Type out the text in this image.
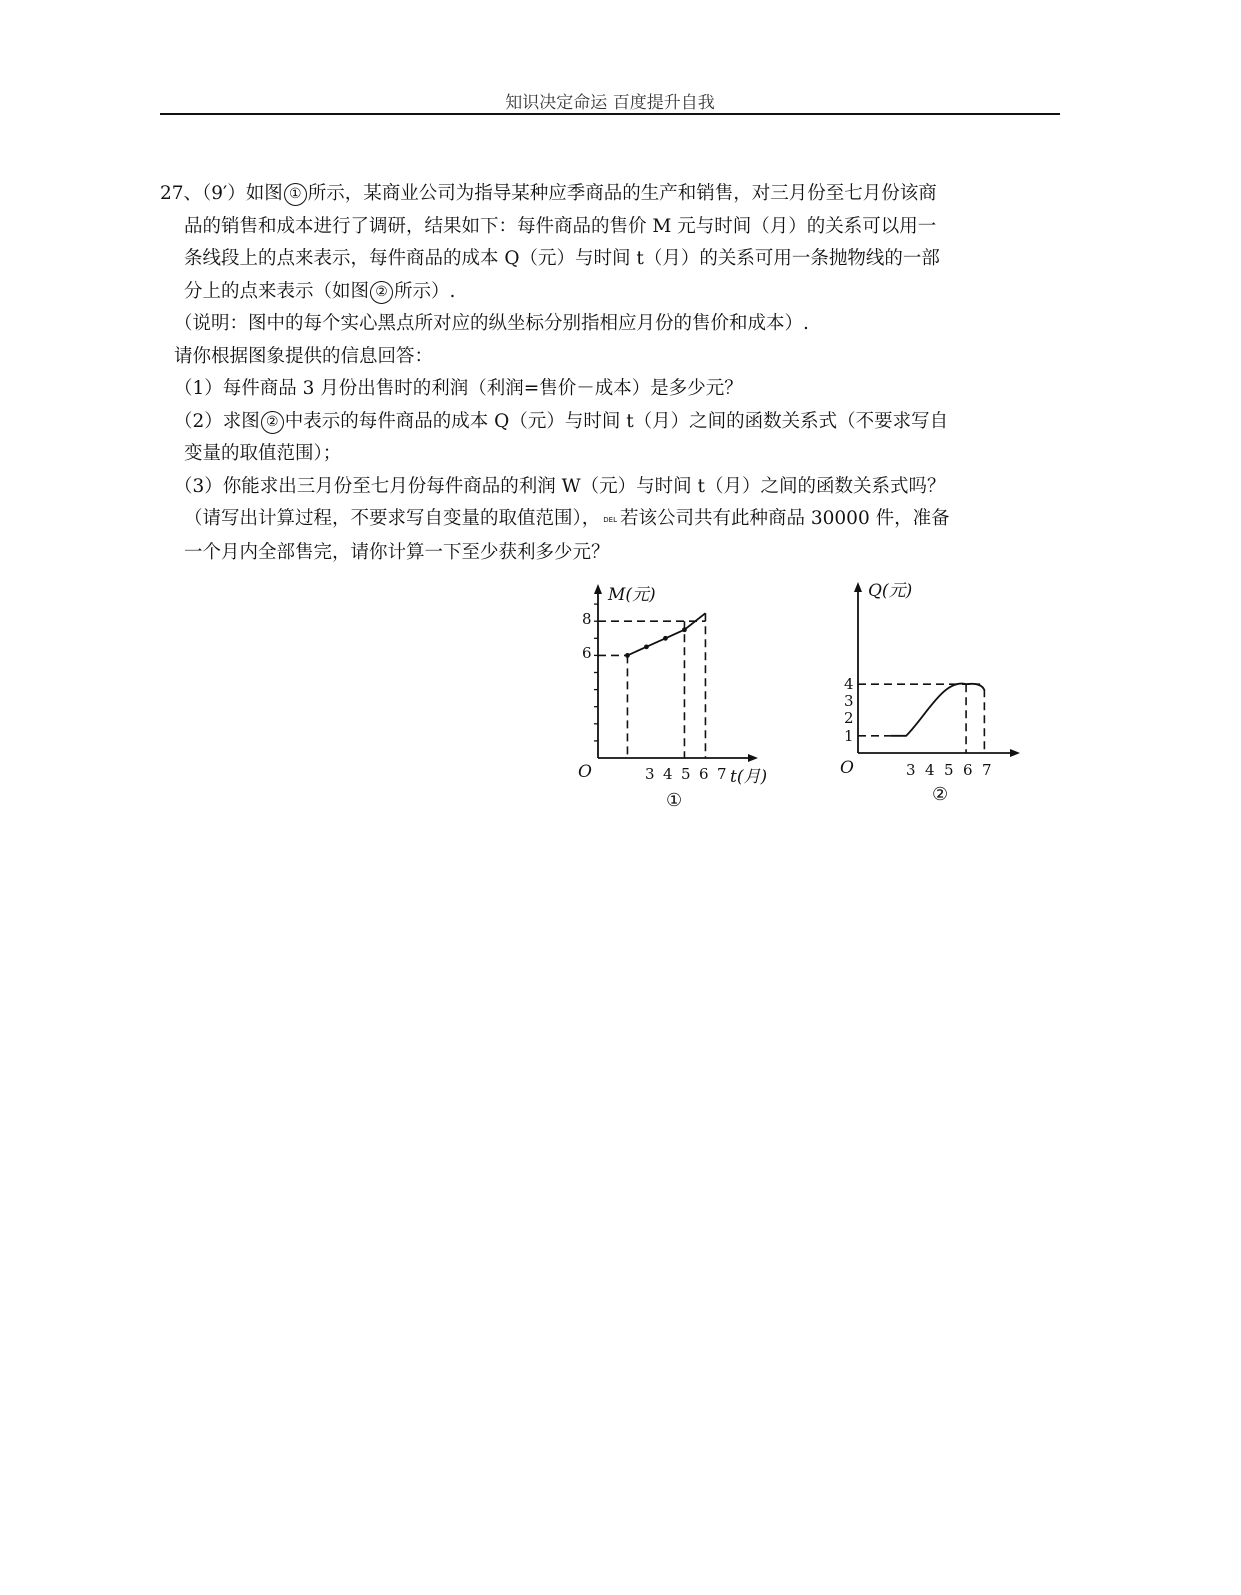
知识决定命运 百度提升自我
27、（9′）如图 ① 所示，某商业公司为指导某种应季商品的生产和销售，对三月份至七月份该商
品的销售和成本进行了调研，结果如下：每件商品的售价 M 元与时间（月）的关系可以用一
条线段上的点来表示，每件商品的成本 Q（元）与时间 t（月）的关系可用一条抛物线的一部
分上的点来表示（如图 ② 所示）.
（说明：图中的每个实心黑点所对应的纵坐标分别指相应月份的售价和成本）.
请你根据图象提供的信息回答：
（1）每件商品 3 月份出售时的利润（利润=售价－成本）是多少元？
（2）求图 ② 中表示的每件商品的成本 Q（元）与时间 t（月）之间的函数关系式（不要求写自
变量的取值范围）；
（3）你能求出三月份至七月份每件商品的利润 W（元）与时间 t（月）之间的函数关系式吗？
（请写出计算过程，不要求写自变量的取值范围）， DEL 若该公司共有此种商品 30000 件，准备
一个月内全部售完，请你计算一下至少获利多少元？
M(元)
8
6
O	3 4 5 6 7 t(月)
①
Q(元)
4
3
2
1
O	3 4 5 6 7
②
